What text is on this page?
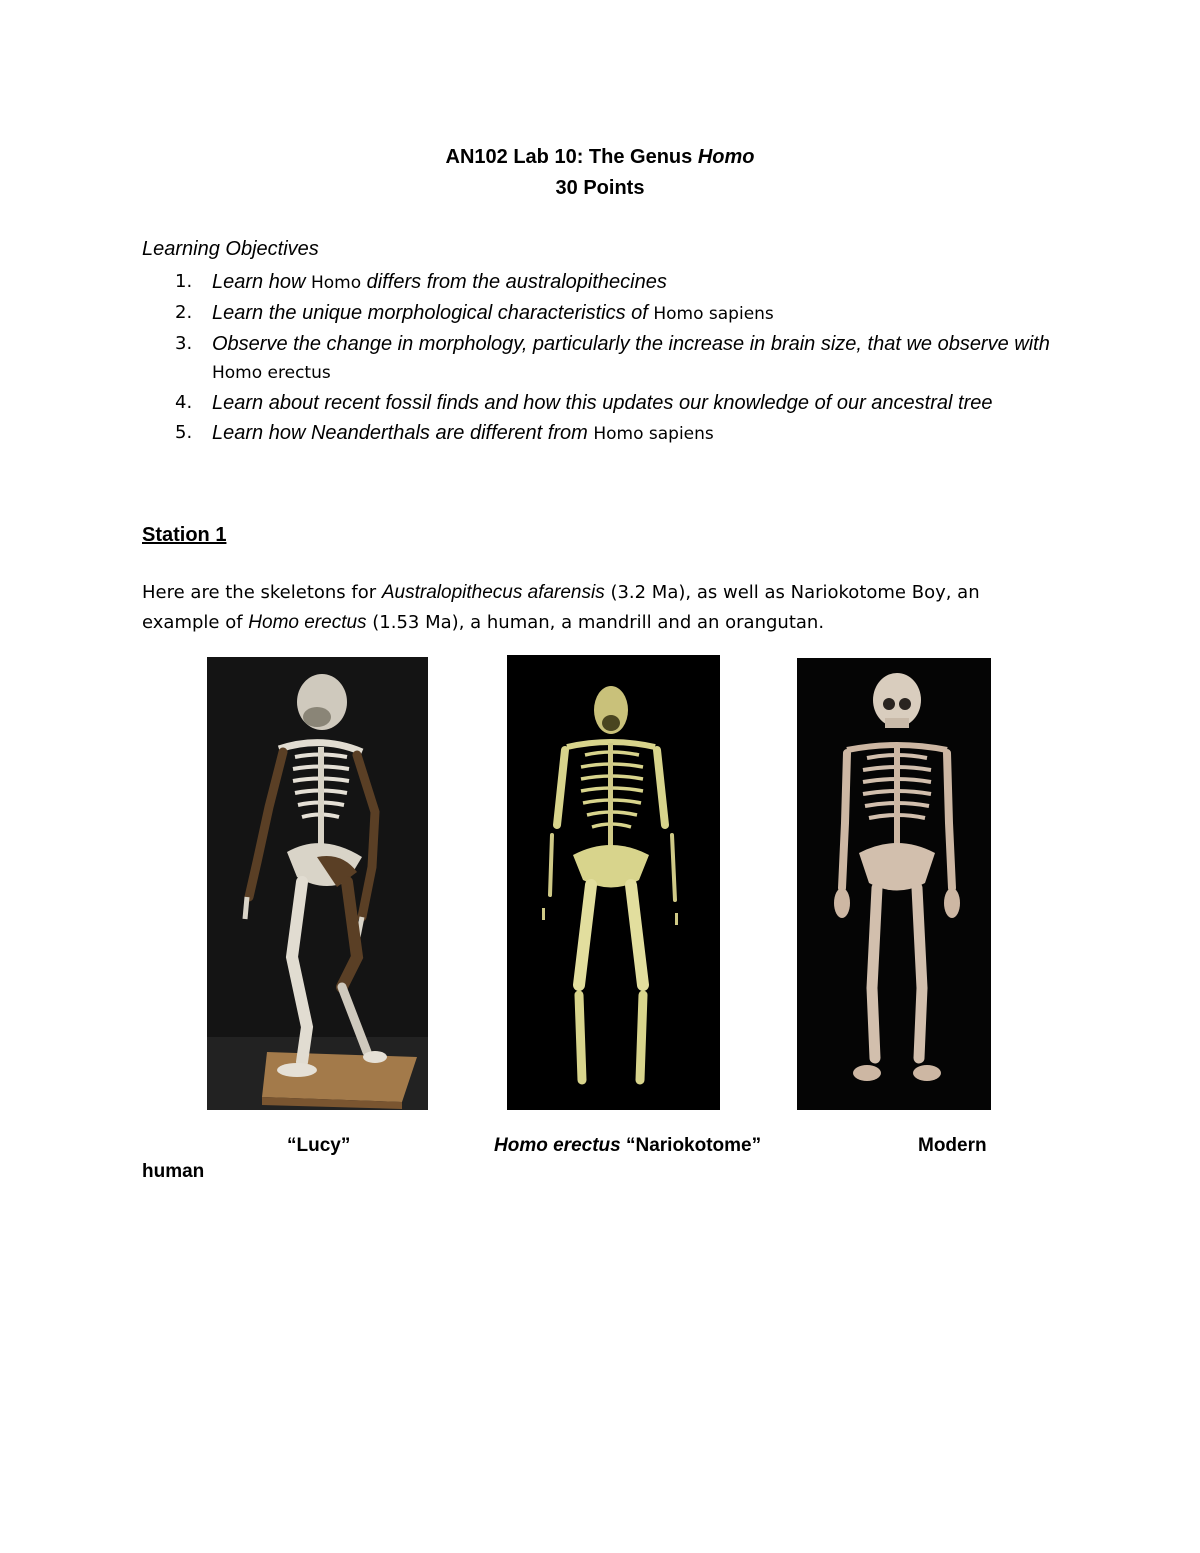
AN102 Lab 10: The Genus Homo
30 Points
Learning Objectives
1. Learn how Homo differs from the australopithecines
2. Learn the unique morphological characteristics of Homo sapiens
3. Observe the change in morphology, particularly the increase in brain size, that we observe with Homo erectus
4. Learn about recent fossil finds and how this updates our knowledge of our ancestral tree
5. Learn how Neanderthals are different from Homo sapiens
Station 1
Here are the skeletons for Australopithecus afarensis (3.2 Ma), as well as Nariokotome Boy, an example of Homo erectus (1.53 Ma), a human, a mandrill and an orangutan.
“Lucy”	Homo erectus “Nariokotome”	Modern
human
